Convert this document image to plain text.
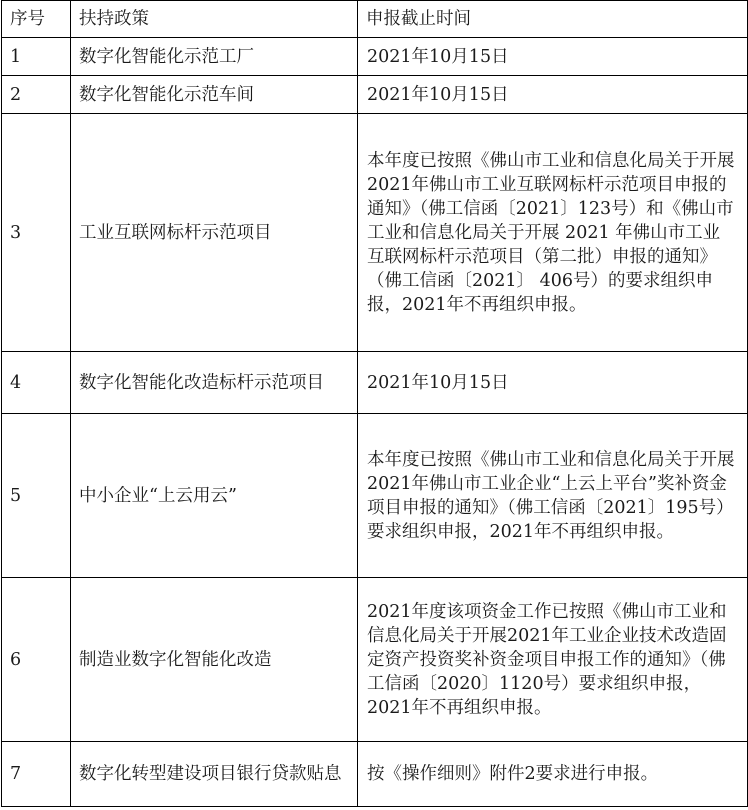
序号	扶持政策	申报截止时间
1	数字化智能化示范工厂	2021年10月15日
2	数字化智能化示范车间	2021年10月15日
3	工业互联网标杆示范项目	本年度已按照《佛山市工业和信息化局关于开展2021年佛山市工业互联网标杆示范项目申报的通知》（佛工信函〔2021〕123号）和《佛山市工业和信息化局关于开展 2021 年佛山市工业互联网标杆示范项目（第二批）申报的通知》（佛工信函〔2021〕 406号）的要求组织申报，2021年不再组织申报。
4	数字化智能化改造标杆示范项目	2021年10月15日
5	中小企业“上云用云”	本年度已按照《佛山市工业和信息化局关于开展2021年佛山市工业企业“上云上平台”奖补资金项目申报的通知》（佛工信函〔2021〕195号）要求组织申报，2021年不再组织申报。
6	制造业数字化智能化改造	2021年度该项资金工作已按照《佛山市工业和信息化局关于开展2021年工业企业技术改造固定资产投资奖补资金项目申报工作的通知》（佛工信函〔2020〕1120号）要求组织申报，2021年不再组织申报。
7	数字化转型建设项目银行贷款贴息	按《操作细则》附件2要求进行申报。
